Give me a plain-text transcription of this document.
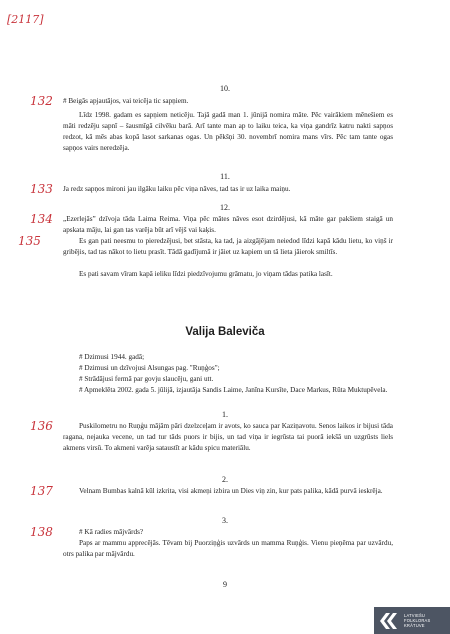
[2117]
10.
132 # Beigās apjautājos, vai teicēja tic sapņiem.
Līdz 1998. gadam es sapņiem neticēju. Tajā gadā man 1. jūnijā nomira māte. Pēc vairākiem mēnešiem es māti redzēju sapnī – šausmīgā cilvēku barā. Arī tante man ap to laiku teica, ka viņa gandrīz katru nakti sapņos redzot, kā mēs abas kopā lasot sarkanas ogas. Un pēkšņi 30. novembrī nomira mans vīrs. Pēc tam tante ogas sapņos vairs neredzēja.
11.
133 Ja redz sapņos mironi jau ilgāku laiku pēc viņa nāves, tad tas ir uz laika maiņu.
12.
134
135
„Ezerlejās” dzīvoja tāda Laima Reima. Viņa pēc mātes nāves esot dzirdējusi, kā māte gar pakšiem staigā un apskata māju, lai gan tas varēja būt arī vējš vai kaķis.
Es gan pati neesmu to pieredzējusi, bet stāsta, ka tad, ja aizgājējam neiedod līdzi kapā kādu lietu, ko viņš ir gribējis, tad tas nākot to lietu prasīt. Tādā gadījumā ir jāiet uz kapiem un tā lieta jāierok smiltīs.
Es pati savam vīram kapā ieliku līdzi piedzīvojumu grāmatu, jo viņam tādas patika lasīt.
Valija Baleviča
# Dzimusi 1944. gadā;
# Dzimusi un dzīvojusi Alsungas pag. "Ruņģos";
# Strādājusi fermā par govju slaucēju, gani utt.
# Apmeklēta 2002. gada 5. jūlijā, izjautāja Sandis Laime, Janīna Kursīte, Dace Markus, Rūta Muktupēvela.
1.
136	Puskilometru no Ruņģu mājām pāri dzelzceļam ir avots, ko sauca par Kaziņavotu. Senos laikos ir bijusi tāda ragana, nejauka vecene, un tad tur tāds puors ir bijis, un tad viņa ir iegrūsta tai puorā iekšā un uzgrūsts liels akmens virsū. To akmeni varēja sataustīt ar kādu spicu materiālu.
2.
137	Velnam Bumbas kalnā kūl izkrita, visi akmeņi izbira un Dies viņ zin, kur pats palika, kādā purvā ieskrēja.
3.
138	# Kā radies mājvārds?
Paps ar mammu apprecējās. Tēvam bij Puorziņģis uzvārds un mamma Ruņģis. Vienu pieņēma par uzvārdu, otrs palika par mājvārdu.
9
LATVIEŠU
FOLKLORAS
KRĀTUVE
